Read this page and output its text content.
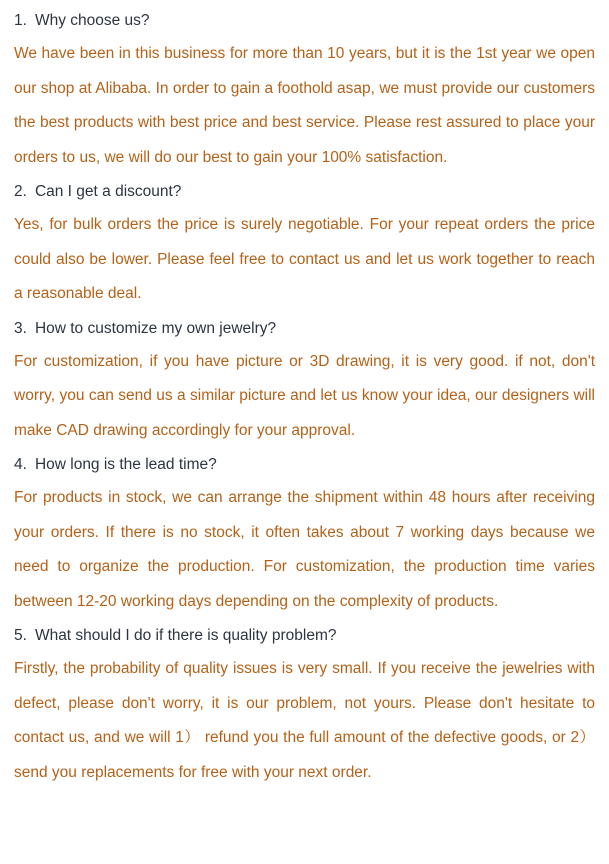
1. Why choose us?

We have been in this business for more than 10 years, but it is the 1st year we open our shop at Alibaba. In order to gain a foothold asap, we must provide our customers the best products with best price and best service. Please rest assured to place your orders to us, we will do our best to gain your 100% satisfaction.

2. Can I get a discount?

Yes, for bulk orders the price is surely negotiable. For your repeat orders the price could also be lower. Please feel free to contact us and let us work together to reach a reasonable deal.

3. How to customize my own jewelry?

For customization, if you have picture or 3D drawing, it is very good. if not, don't worry, you can send us a similar picture and let us know your idea, our designers will make CAD drawing accordingly for your approval.

4. How long is the lead time?

For products in stock, we can arrange the shipment within 48 hours after receiving your orders. If there is no stock, it often takes about 7 working days because we need to organize the production. For customization, the production time varies between 12-20 working days depending on the complexity of products.

5. What should I do if there is quality problem?

Firstly, the probability of quality issues is very small. If you receive the jewelries with defect, please don't worry, it is our problem, not yours. Please don't hesitate to contact us, and we will 1） refund you the full amount of the defective goods, or 2） send you replacements for free with your next order.
